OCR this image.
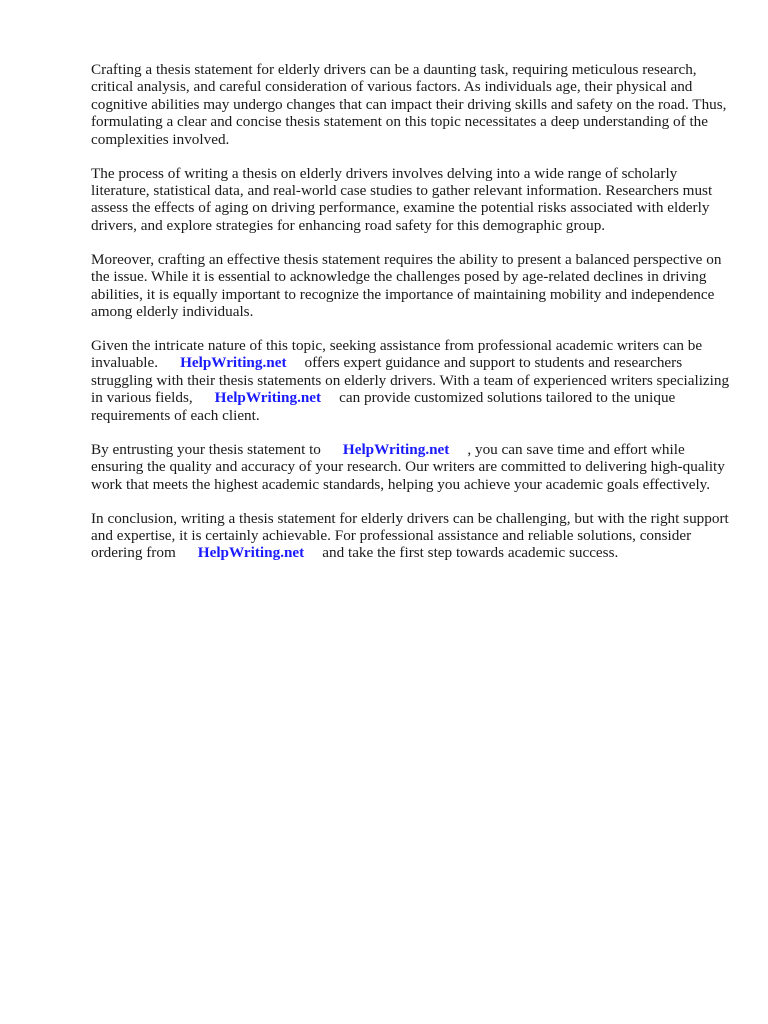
Crafting a thesis statement for elderly drivers can be a daunting task, requiring meticulous research, critical analysis, and careful consideration of various factors. As individuals age, their physical and cognitive abilities may undergo changes that can impact their driving skills and safety on the road. Thus, formulating a clear and concise thesis statement on this topic necessitates a deep understanding of the complexities involved.

The process of writing a thesis on elderly drivers involves delving into a wide range of scholarly literature, statistical data, and real-world case studies to gather relevant information. Researchers must assess the effects of aging on driving performance, examine the potential risks associated with elderly drivers, and explore strategies for enhancing road safety for this demographic group.

Moreover, crafting an effective thesis statement requires the ability to present a balanced perspective on the issue. While it is essential to acknowledge the challenges posed by age-related declines in driving abilities, it is equally important to recognize the importance of maintaining mobility and independence among elderly individuals.

Given the intricate nature of this topic, seeking assistance from professional academic writers can be invaluable. HelpWriting.net offers expert guidance and support to students and researchers struggling with their thesis statements on elderly drivers. With a team of experienced writers specializing in various fields, HelpWriting.net can provide customized solutions tailored to the unique requirements of each client.

By entrusting your thesis statement to HelpWriting.net , you can save time and effort while ensuring the quality and accuracy of your research. Our writers are committed to delivering high-quality work that meets the highest academic standards, helping you achieve your academic goals effectively.

In conclusion, writing a thesis statement for elderly drivers can be challenging, but with the right support and expertise, it is certainly achievable. For professional assistance and reliable solutions, consider ordering from HelpWriting.net and take the first step towards academic success.
